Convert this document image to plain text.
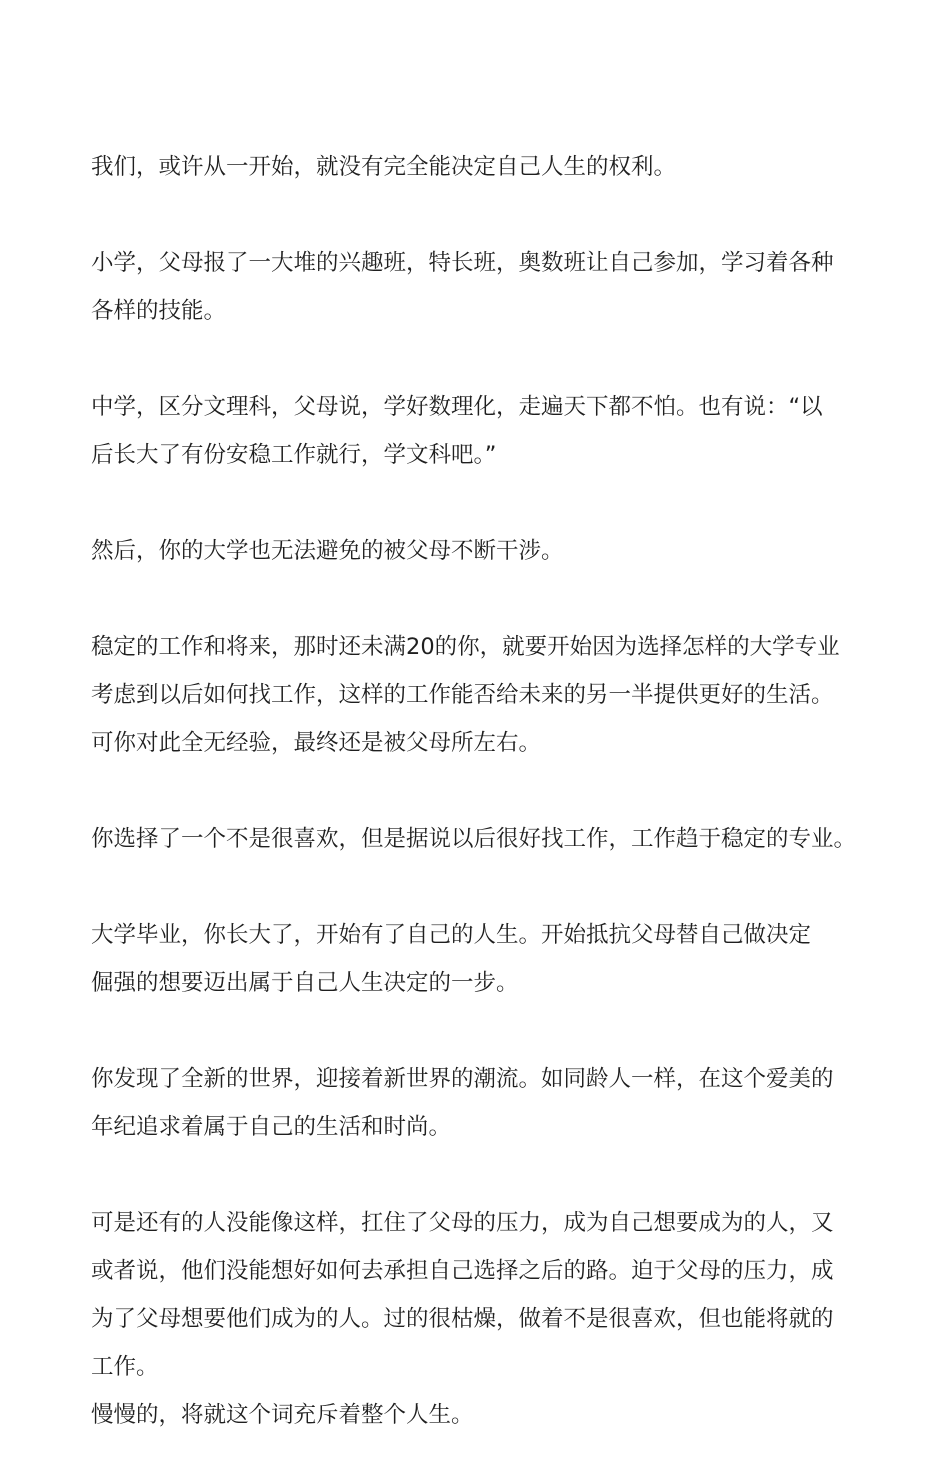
我们，或许从一开始，就没有完全能决定自己人生的权利。

小学，父母报了一大堆的兴趣班，特长班，奥数班让自己参加，学习着各种
各样的技能。

中学，区分文理科，父母说，学好数理化，走遍天下都不怕。也有说：“以
后长大了有份安稳工作就行，学文科吧。”

然后，你的大学也无法避免的被父母不断干涉。

稳定的工作和将来，那时还未满20的你，就要开始因为选择怎样的大学专业
考虑到以后如何找工作，这样的工作能否给未来的另一半提供更好的生活。
可你对此全无经验，最终还是被父母所左右。

你选择了一个不是很喜欢，但是据说以后很好找工作，工作趋于稳定的专业。

大学毕业，你长大了，开始有了自己的人生。开始抵抗父母替自己做决定
倔强的想要迈出属于自己人生决定的一步。

你发现了全新的世界，迎接着新世界的潮流。如同龄人一样，在这个爱美的
年纪追求着属于自己的生活和时尚。

可是还有的人没能像这样，扛住了父母的压力，成为自己想要成为的人，又
或者说，他们没能想好如何去承担自己选择之后的路。迫于父母的压力，成
为了父母想要他们成为的人。过的很枯燥，做着不是很喜欢，但也能将就的
工作。

慢慢的，将就这个词充斥着整个人生。
